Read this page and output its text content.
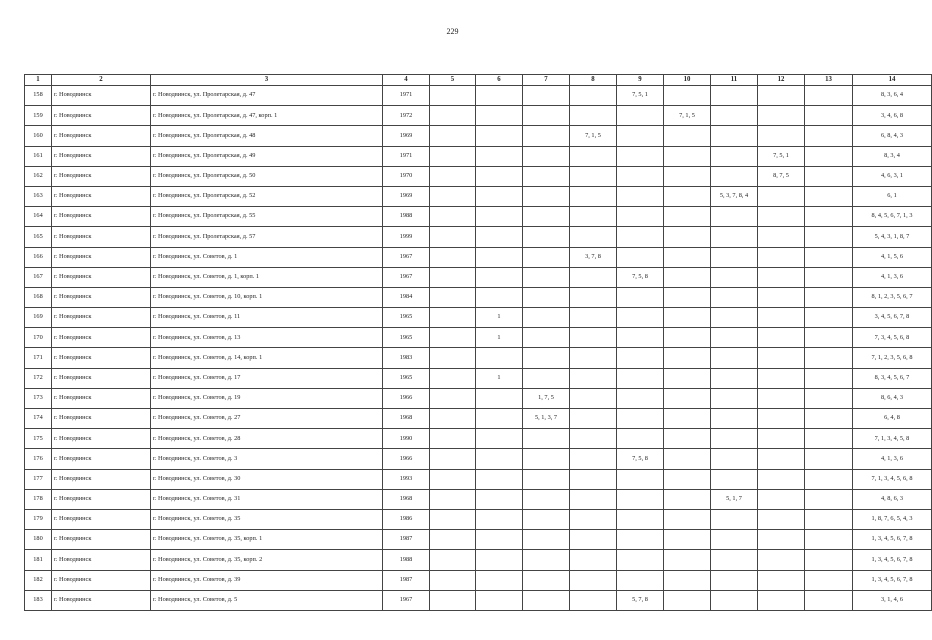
229
1	2	3	4	5	6	7	8	9	10	11	12	13	14
158	г. Новодвинск	г. Новодвинск, ул. Пролетарская, д. 47	1971					7, 5, 1					8, 3, 6, 4
159	г. Новодвинск	г. Новодвинск, ул. Пролетарская, д. 47, корп. 1	1972						7, 1, 5				3, 4, 6, 8
160	г. Новодвинск	г. Новодвинск, ул. Пролетарская, д. 48	1969				7, 1, 5						6, 8, 4, 3
161	г. Новодвинск	г. Новодвинск, ул. Пролетарская, д. 49	1971								7, 5, 1		8, 3, 4
162	г. Новодвинск	г. Новодвинск, ул. Пролетарская, д. 50	1970								8, 7, 5		4, 6, 3, 1
163	г. Новодвинск	г. Новодвинск, ул. Пролетарская, д. 52	1969							5, 3, 7, 8, 4			6, 1
164	г. Новодвинск	г. Новодвинск, ул. Пролетарская, д. 55	1988										8, 4, 5, 6, 7, 1, 3
165	г. Новодвинск	г. Новодвинск, ул. Пролетарская, д. 57	1999										5, 4, 3, 1, 8, 7
166	г. Новодвинск	г. Новодвинск, ул. Советов, д. 1	1967				3, 7, 8						4, 1, 5, 6
167	г. Новодвинск	г. Новодвинск, ул. Советов, д. 1, корп. 1	1967					7, 5, 8					4, 1, 3, 6
168	г. Новодвинск	г. Новодвинск, ул. Советов, д. 10, корп. 1	1984										8, 1, 2, 3, 5, 6, 7
169	г. Новодвинск	г. Новодвинск, ул. Советов, д. 11	1965		1								3, 4, 5, 6, 7, 8
170	г. Новодвинск	г. Новодвинск, ул. Советов, д. 13	1965		1								7, 3, 4, 5, 6, 8
171	г. Новодвинск	г. Новодвинск, ул. Советов, д. 14, корп. 1	1983										7, 1, 2, 3, 5, 6, 8
172	г. Новодвинск	г. Новодвинск, ул. Советов, д. 17	1965		1								8, 3, 4, 5, 6, 7
173	г. Новодвинск	г. Новодвинск, ул. Советов, д. 19	1966			1, 7, 5							8, 6, 4, 3
174	г. Новодвинск	г. Новодвинск, ул. Советов, д. 27	1968			5, 1, 3, 7							6, 4, 8
175	г. Новодвинск	г. Новодвинск, ул. Советов, д. 28	1990										7, 1, 3, 4, 5, 8
176	г. Новодвинск	г. Новодвинск, ул. Советов, д. 3	1966					7, 5, 8					4, 1, 3, 6
177	г. Новодвинск	г. Новодвинск, ул. Советов, д. 30	1993										7, 1, 3, 4, 5, 6, 8
178	г. Новодвинск	г. Новодвинск, ул. Советов, д. 31	1968							5, 1, 7			4, 8, 6, 3
179	г. Новодвинск	г. Новодвинск, ул. Советов, д. 35	1986										1, 8, 7, 6, 5, 4, 3
180	г. Новодвинск	г. Новодвинск, ул. Советов, д. 35, корп. 1	1987										1, 3, 4, 5, 6, 7, 8
181	г. Новодвинск	г. Новодвинск, ул. Советов, д. 35, корп. 2	1988										1, 3, 4, 5, 6, 7, 8
182	г. Новодвинск	г. Новодвинск, ул. Советов, д. 39	1987										1, 3, 4, 5, 6, 7, 8
183	г. Новодвинск	г. Новодвинск, ул. Советов, д. 5	1967					5, 7, 8					3, 1, 4, 6
